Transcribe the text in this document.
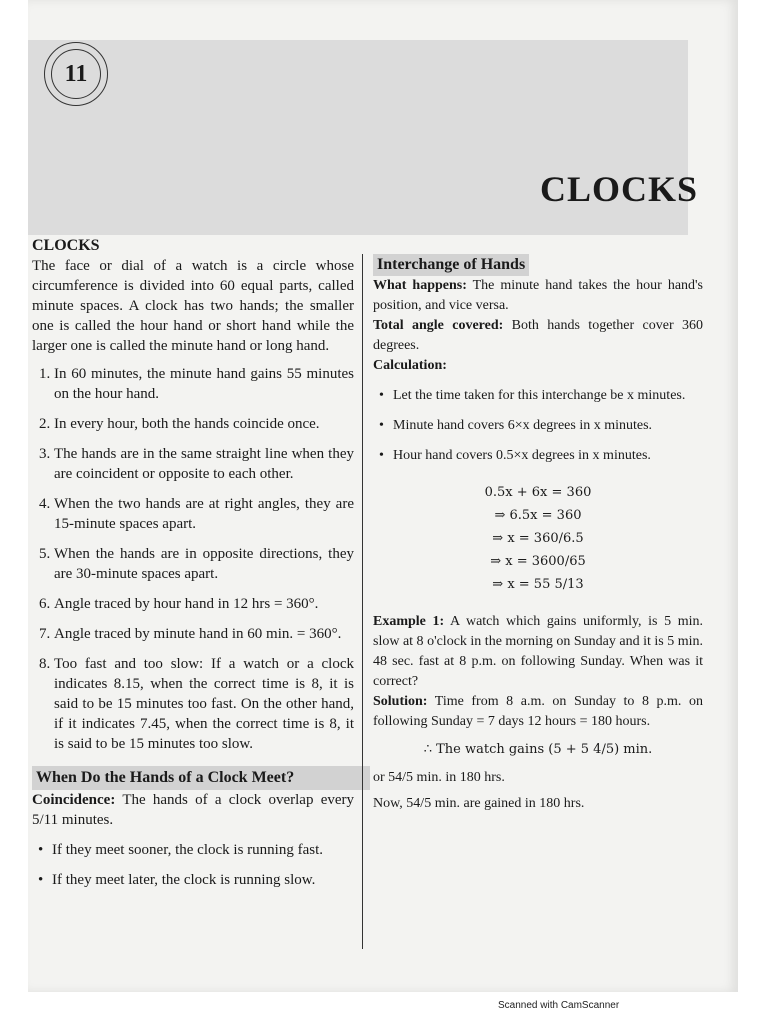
11
CLOCKS
CLOCKS

The face or dial of a watch is a circle whose circumference is divided into 60 equal parts, called minute spaces. A clock has two hands; the smaller one is called the hour hand or short hand while the larger one is called the minute hand or long hand.

1. In 60 minutes, the minute hand gains 55 minutes on the hour hand.
2. In every hour, both the hands coincide once.
3. The hands are in the same straight line when they are coincident or opposite to each other.
4. When the two hands are at right angles, they are 15-minute spaces apart.
5. When the hands are in opposite directions, they are 30-minute spaces apart.
6. Angle traced by hour hand in 12 hrs = 360°.
7. Angle traced by minute hand in 60 min. = 360°.
8. Too fast and too slow: If a watch or a clock indicates 8.15, when the correct time is 8, it is said to be 15 minutes too fast. On the other hand, if it indicates 7.45, when the correct time is 8, it is said to be 15 minutes too slow.
When Do the Hands of a Clock Meet?

Coincidence: The hands of a clock overlap every 5/11 minutes.

• If they meet sooner, the clock is running fast.
• If they meet later, the clock is running slow.
Interchange of Hands

What happens: The minute hand takes the hour hand's position, and vice versa.

Total angle covered: Both hands together cover 360 degrees.

Calculation:

• Let the time taken for this interchange be x minutes.
• Minute hand covers 6×x degrees in x minutes.
• Hour hand covers 0.5×x degrees in x minutes.
0.5x + 6x = 360
⇒ 6.5x = 360
⇒ x = 360/6.5
⇒ x = 3600/65
⇒ x = 55 5/13

Example 1: A watch which gains uniformly, is 5 min. slow at 8 o'clock in the morning on Sunday and it is 5 min. 48 sec. fast at 8 p.m. on following Sunday. When was it correct?

Solution: Time from 8 a.m. on Sunday to 8 p.m. on following Sunday = 7 days 12 hours = 180 hours.

∴ The watch gains (5 + 5 4/5) min.

or 54/5 min. in 180 hrs.

Now, 54/5 min. are gained in 180 hrs.

Scanned with CamScanner
